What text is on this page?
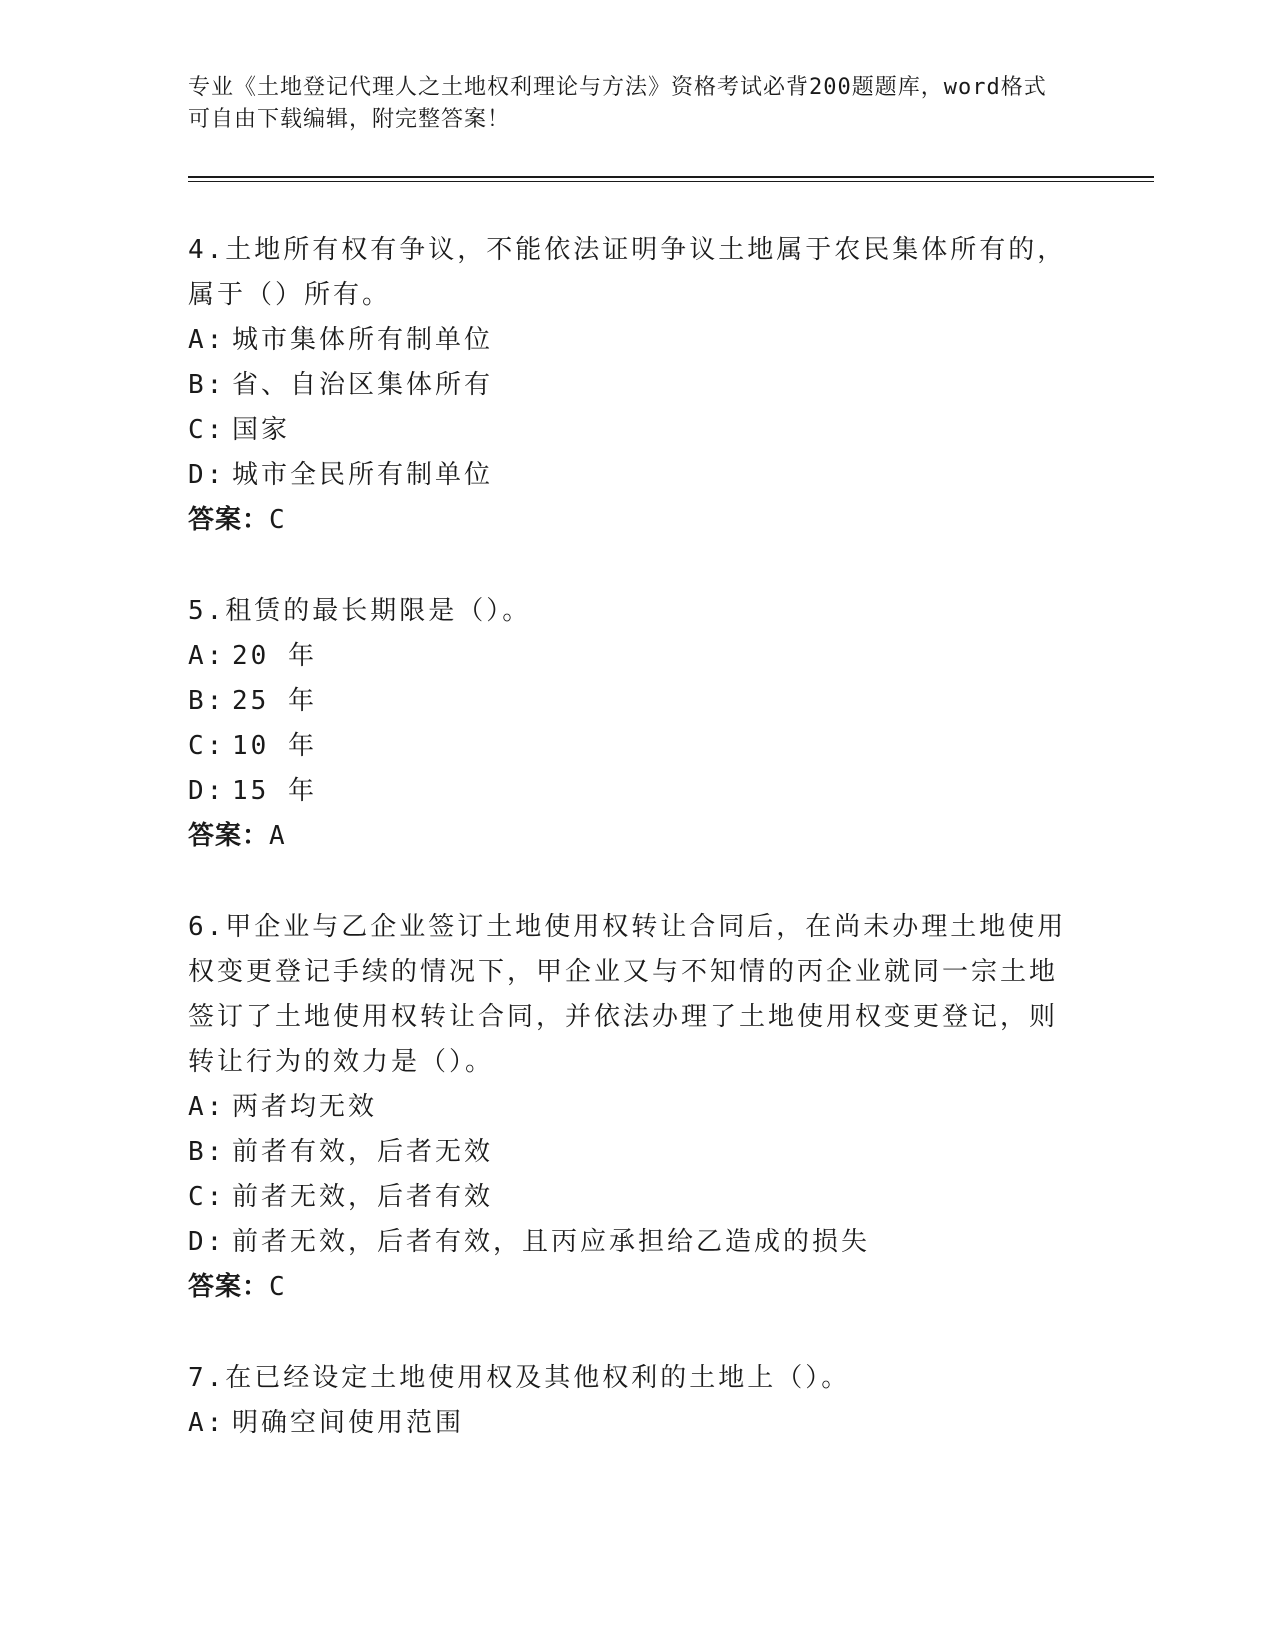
专业《土地登记代理人之土地权利理论与方法》资格考试必背200题题库，word格式可自由下载编辑，附完整答案！
4.土地所有权有争议，不能依法证明争议土地属于农民集体所有的，属于（）所有。
A: 城市集体所有制单位
B: 省、自治区集体所有
C: 国家
D: 城市全民所有制单位
答案：C
5.租赁的最长期限是（）。
A: 20 年
B: 25 年
C: 10 年
D: 15 年
答案：A
6.甲企业与乙企业签订土地使用权转让合同后，在尚未办理土地使用权变更登记手续的情况下，甲企业又与不知情的丙企业就同一宗土地签订了土地使用权转让合同，并依法办理了土地使用权变更登记，则转让行为的效力是（）。
A: 两者均无效
B: 前者有效，后者无效
C: 前者无效，后者有效
D: 前者无效，后者有效，且丙应承担给乙造成的损失
答案：C
7.在已经设定土地使用权及其他权利的土地上（）。
A: 明确空间使用范围
